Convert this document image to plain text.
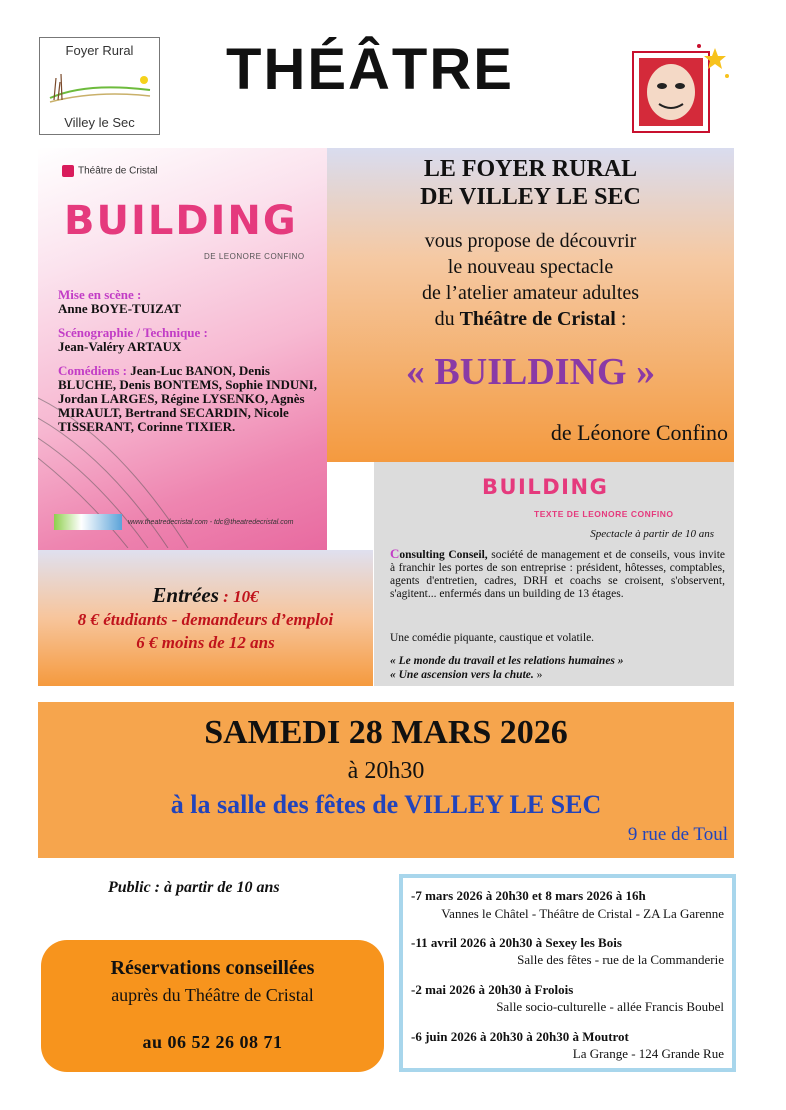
Foyer Rural
Villey le Sec
THÉÂTRE
Théâtre de Cristal
BUILDING
DE LEONORE CONFINO

Mise en scène :
Anne BOYE-TUIZAT

Scénographie / Technique :
Jean-Valéry ARTAUX

Comédiens : Jean-Luc BANON, Denis BLUCHE, Denis BONTEMS, Sophie INDUNI, Jordan LARGES, Régine LYSENKO, Agnès MIRAULT, Bertrand SECARDIN, Nicole TISSERANT, Corinne TIXIER.

www.theatredecristal.com - tdc@theatredecristal.com
LE FOYER RURAL
DE VILLEY LE SEC
vous propose de découvrir
le nouveau spectacle
de l’atelier amateur adultes
du Théâtre de Cristal :
« BUILDING »
de Léonore Confino
Entrées : 10€
8 € étudiants - demandeurs d’emploi
6 € moins de 12 ans
BUILDING
TEXTE DE LEONORE CONFINO
Spectacle à partir de 10 ans
Consulting Conseil, société de management et de conseils, vous invite à franchir les portes de son entreprise : président, hôtesses, comptables, agents d'entretien, cadres, DRH et coachs se croisent, s'observent, s'agitent... enfermés dans un building de 13 étages.
Une comédie piquante, caustique et volatile.
« Le monde du travail et les relations humaines »
« Une ascension vers la chute. »
SAMEDI 28 MARS 2026
à 20h30
à la salle des fêtes de VILLEY LE SEC
9 rue de Toul
Public : à partir de 10 ans
Réservations conseillées
auprès du Théâtre de Cristal
au 06 52 26 08 71
-7 mars 2026 à 20h30 et 8 mars 2026 à 16h
Vannes le Châtel - Théâtre de Cristal - ZA La Garenne
-11 avril 2026 à 20h30 à Sexey les Bois
Salle des fêtes - rue de la Commanderie
-2 mai 2026 à 20h30 à Frolois
Salle socio-culturelle - allée Francis Boubel
-6 juin 2026 à 20h30 à 20h30 à Moutrot
La Grange - 124 Grande Rue
